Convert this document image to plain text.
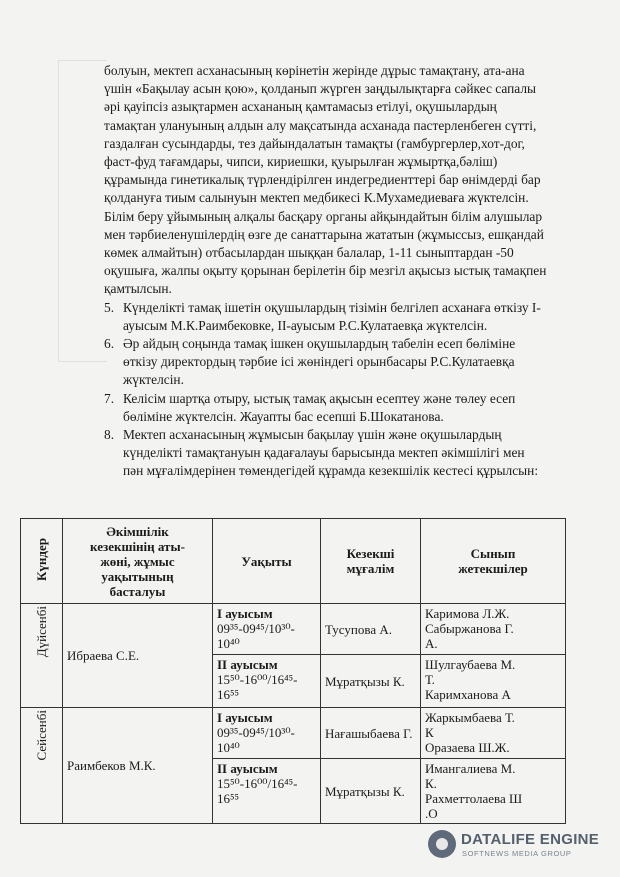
болуын, мектеп асханасының көрінетін жерінде дұрыс тамақтану, ата-ана
үшін «Бақылау асын қою», қолданып жүрген заңдылықтарға сәйкес сапалы
әрі қауіпсіз азықтармен асхананың қамтамасыз етілуі, оқушылардың
тамақтан улануының алдын алу мақсатында асханада пастерленбеген сүтті,
газдалған сусындарды, тез дайындалатын тамақты (гамбургерлер,хот-дог,
фаст-фуд тағамдары, чипси, кириешки, қуырылған жұмыртқа,бәліш)
құрамында гинетикалық түрлендірілген индегредиенттері бар өнімдерді бар
қолдануға тиым салынуын мектеп медбикесі К.Мухамедиеваға жүктелсін.
Білім беру ұйымының алқалы басқару органы айқындайтын білім алушылар
мен тәрбиеленушілердің өзге де санаттарына жататын (жұмыссыз, ешқандай
көмек алмайтын) отбасылардан шыққан балалар, 1-11 сыныптардан -50
оқушыға, жалпы оқыту қорынан берілетін бір мезгіл ақысыз ыстық тамақпен
қамтылсын.

5. Күнделікті тамақ ішетін оқушылардың тізімін белгілеп асханаға өткізу І-
ауысым М.К.Раимбековке, ІІ-ауысым Р.С.Кулатаевқа жүктелсін.
6. Әр айдың соңында тамақ ішкен оқушылардың табелін есеп бөліміне
өткізу директордың тәрбие ісі жөніндегі орынбасары Р.С.Кулатаевқа
жүктелсін.
7. Келісім шартқа отыру, ыстық тамақ ақысын есептеу және төлеу есеп
бөліміне жүктелсін. Жауапты бас есепші Б.Шокатанова.
8. Мектеп асханасының жұмысын бақылау үшін және оқушылардың
күнделікті тамақтануын қадағалауы барысында мектеп әкімшілігі мен
пән мұғалімдерінен төмендегідей құрамда кезекшілік кестесі құрылсын:
Күндер	Әкімшілік
кезекшінің аты-
жөні, жұмыс
уақытының
басталуы	Уақыты	Кезекші
мұғалім	Сынып
жетекшілер
Дүйсенбі	Ибраева С.Е.	І ауысым
09³⁵-09⁴⁵/10³⁰-
10⁴⁰	Тусупова А.	Каримова Л.Ж.
Сабыржанова Г.
А.

		ІІ ауысым
15⁵⁰-16⁰⁰/16⁴⁵-
16⁵⁵	Мұратқызы К.	Шулгаубаева М.
Т.
Каримханова А
Сейсенбі	Раимбеков М.К.	І ауысым
09³⁵-09⁴⁵/10³⁰-
10⁴⁰	Нағашыбаева Г.	Жаркымбаева Т.
К
Оразаева Ш.Ж.

		ІІ ауысым
15⁵⁰-16⁰⁰/16⁴⁵-
16⁵⁵	Мұратқызы К.	Имангалиева М.
К.
Рахметтолаева Ш
.О
DATALIFE ENGINE
SOFTNEWS MEDIA GROUP
